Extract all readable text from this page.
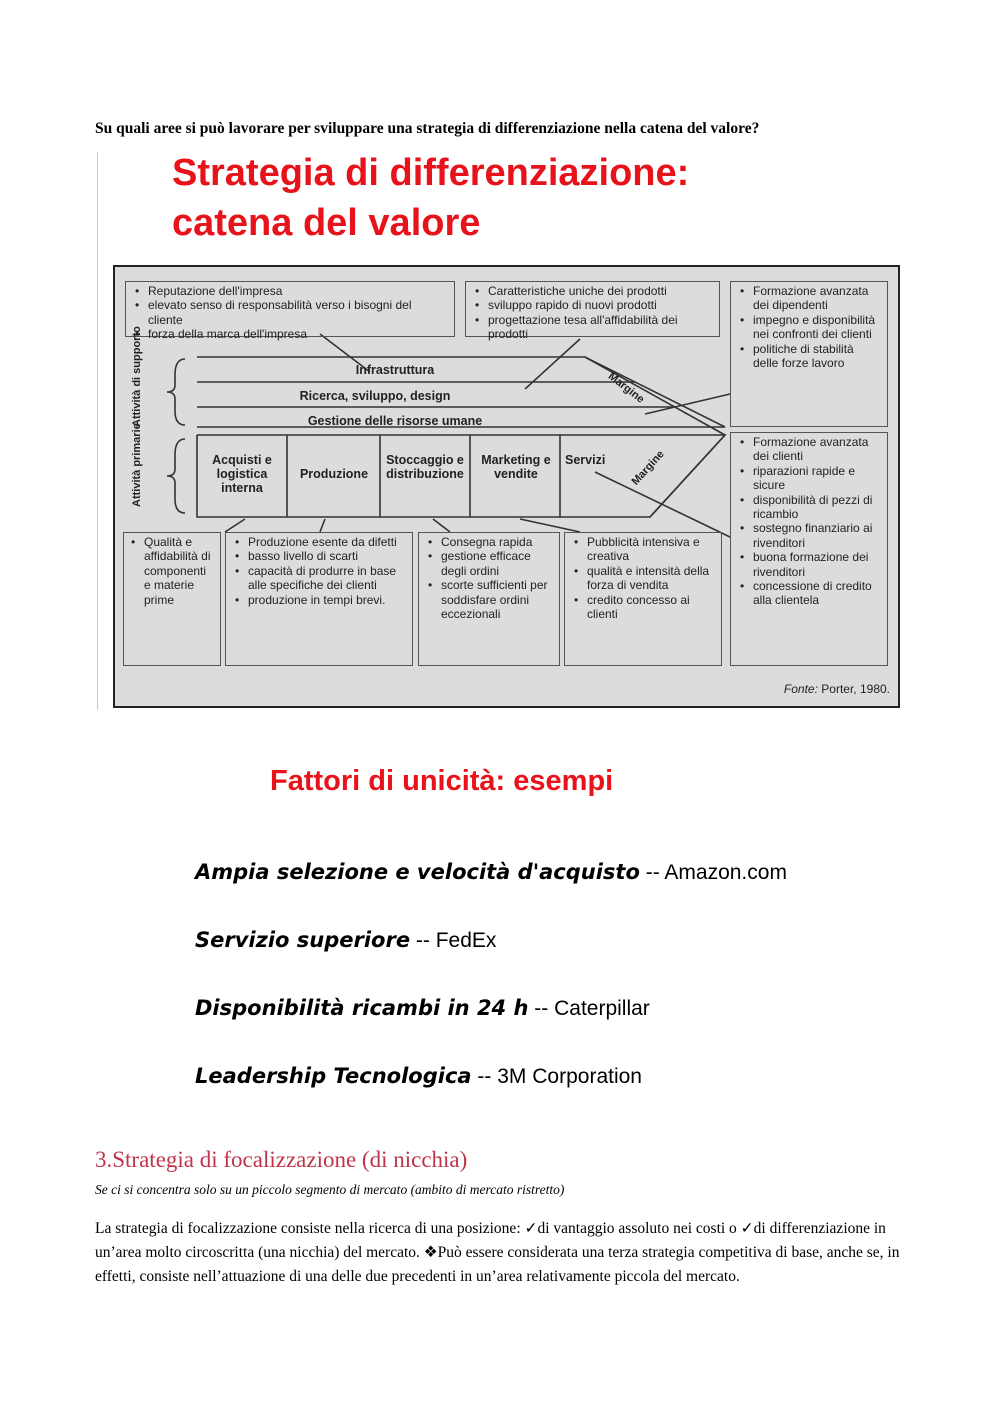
Su quali aree si può lavorare per sviluppare una strategia di differenziazione nella catena del valore?
Strategia di differenziazione:
catena del valore
• Reputazione dell'impresa
• elevato senso di responsabilità verso i bisogni del cliente
• forza della marca dell'impresa
• Caratteristiche uniche dei prodotti
• sviluppo rapido di nuovi prodotti
• progettazione tesa all'affidabilità dei prodotti
• Formazione avanzata dei dipendenti
• impegno e disponibilità nei confronti dei clienti
• politiche di stabilità delle forze lavoro
• Formazione avanzata dei clienti
• riparazioni rapide e sicure
• disponibilità di pezzi di ricambio
• sostegno finanziario ai rivenditori
• buona formazione dei rivenditori
• concessione di credito alla clientela
Attività di supporto
Attività primarie
Infrastruttura
Ricerca, sviluppo, design
Gestione delle risorse umane
Acquisti e logistica interna
Produzione
Stoccaggio e distribuzione
Marketing e vendite
Servizi
Margine
Margine
• Qualità e affidabilità di componenti e materie prime
• Produzione esente da difetti
• basso livello di scarti
• capacità di produrre in base alle specifiche dei clienti
• produzione in tempi brevi.
• Consegna rapida
• gestione efficace degli ordini
• scorte sufficienti per soddisfare ordini eccezionali
• Pubblicità intensiva e creativa
• qualità e intensità della forza di vendita
• credito concesso ai clienti
Fonte: Porter, 1980.
Fattori di unicità: esempi
Ampia selezione e velocità d'acquisto -- Amazon.com
Servizio superiore -- FedEx
Disponibilità ricambi in 24 h -- Caterpillar
Leadership Tecnologica -- 3M Corporation
3.Strategia di focalizzazione (di nicchia)
Se ci si concentra solo su un piccolo segmento di mercato (ambito di mercato ristretto)
La strategia di focalizzazione consiste nella ricerca di una posizione: ✓di vantaggio assoluto nei costi o ✓di differenziazione in un’area molto circoscritta (una nicchia) del mercato. ❖Può essere considerata una terza strategia competitiva di base, anche se, in effetti, consiste nell’attuazione di una delle due precedenti in un’area relativamente piccola del mercato.
